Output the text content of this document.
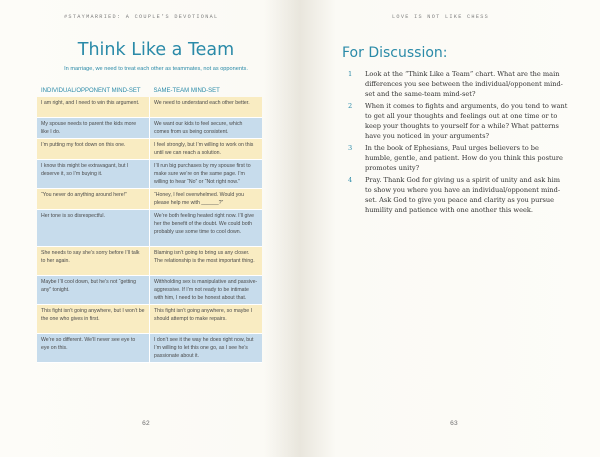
#STAYMARRIED: A COUPLE’S DEVOTIONAL
Think Like a Team
In marriage, we need to treat each other as teammates, not as opponents.
INDIVIDUAL/OPPONENT MIND-SET	SAME-TEAM MIND-SET
I am right, and I need to win this argument.	We need to understand each other better.
My spouse needs to parent the kids more like I do.	We want our kids to feel secure, which comes from us being consistent.
I’m putting my foot down on this one.	I feel strongly, but I’m willing to work on this until we can reach a solution.
I know this might be extravagant, but I deserve it, so I’m buying it.	I’ll run big purchases by my spouse first to make sure we’re on the same page. I’m willing to hear “No” or “Not right now.”
“You never do anything around here!”	“Honey, I feel overwhelmed. Would you please help me with ______?”
Her tone is so disrespectful.	We’re both feeling heated right now. I’ll give her the benefit of the doubt. We could both probably use some time to cool down.
She needs to say she’s sorry before I’ll talk to her again.	Blaming isn’t going to bring us any closer. The relationship is the most important thing.
Maybe I’ll cool down, but he’s not “getting any” tonight.	Withholding sex is manipulative and passive-aggressive. If I’m not ready to be intimate with him, I need to be honest about that.
This fight isn’t going anywhere, but I won’t be the one who gives in first.	This fight isn’t going anywhere, so maybe I should attempt to make repairs.
We’re so different. We’ll never see eye to eye on this.	I don’t see it the way he does right now, but I’m willing to let this one go, as I see he’s passionate about it.
62
LOVE IS NOT LIKE CHESS
For Discussion:
1 Look at the “Think Like a Team” chart. What are the main differences you see between the individual/opponent mind-set and the same-team mind-set?
2 When it comes to fights and arguments, do you tend to want to get all your thoughts and feelings out at one time or to keep your thoughts to yourself for a while? What patterns have you noticed in your arguments?
3 In the book of Ephesians, Paul urges believers to be humble, gentle, and patient. How do you think this posture promotes unity?
4 Pray. Thank God for giving us a spirit of unity and ask him to show you where you have an individual/opponent mind-set. Ask God to give you peace and clarity as you pursue humility and patience with one another this week.
63
